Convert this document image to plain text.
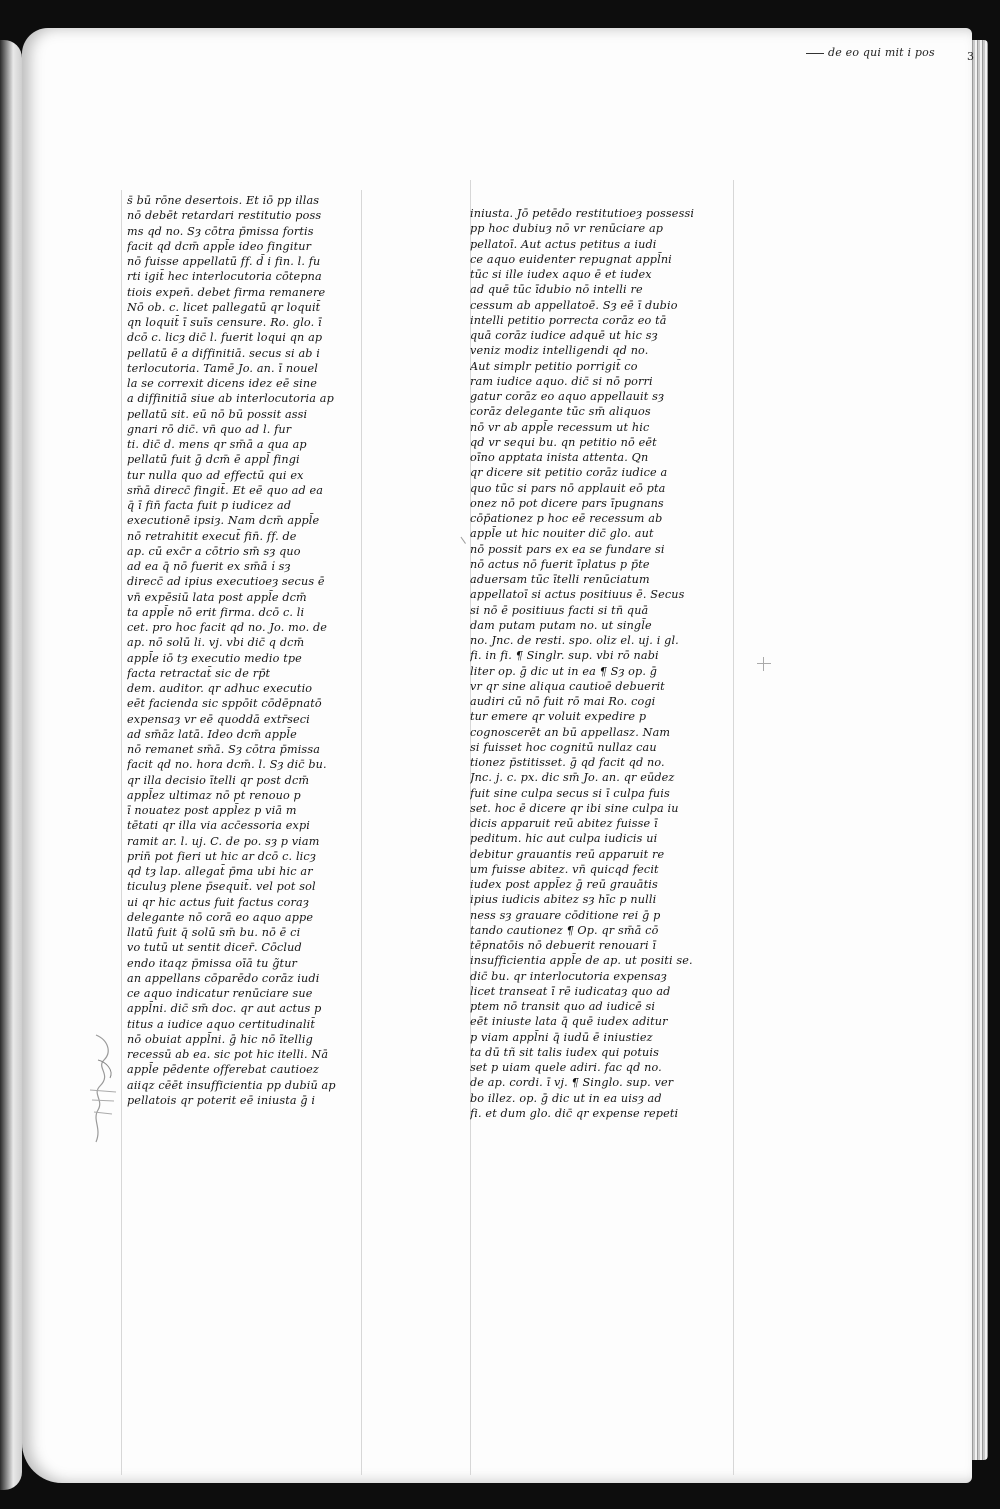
de eo qui mit i pos	3
s̄ bū rōne desertois. Et iō pp illas
nō debēt retardari restitutio poss
ms qd no. Sȝ cōtra p̄missa fortis
facit qd dcm̄ appl̄e ideo fingitur
nō fuisse appellatū ff. d̄ i fin. l. fu
rti igit̄ hec interlocutoria cōtepna
tiois expen̄. debet firma remanere
Nō ob. c. licet pallegatū qr loquit̄
qn loquit̄ ī suīs censure. Ro. glo. ī
dcō c. licȝ dic̄ l. fuerit loqui qn ap
pellatū ē a diffinitiā. secus si ab i
terlocutoria. Tamē Jo. an. ī nouel
la se correxit dicens idez eē sine
a diffinitiā siue ab interlocutoria ap
pellatū sit. eū nō bū possit assi
gnari rō dic̄. vn̄ quo ad l. fur
ti. dic̄ d. mens qr sm̄ā a qua ap
pellatū fuit ḡ dcm̄ ē appl̄ fingi
tur nulla quo ad effectū qui ex
sm̄ā direcc̄ fingit̄. Et eē quo ad ea
q̄ ī fin̄ facta fuit p iudicez ad
executionē ipsiȝ. Nam dcm̄ appl̄e
nō retrahitit execut̄ fin̄. ff. de
ap. cū exc̄r a cōtrio sm̄ sȝ quo
ad ea q̄ nō fuerit ex sm̄ā i̇ sȝ
direcc̄ ad ipius executioeȝ secus ē
vn̄ expēsiū lata post appl̄e dcm̄
ta appl̄e nō erit firma. dcō c. li
cet. pro hoc facit qd no. Jo. mo. de
ap. nō solū li. vj. vbi dic̄ q dcm̄
appl̄e iō tȝ executio medio tpe
facta retractat̄ sic de rp̄t
dem. auditor. qr adhuc executio
eēt facienda sic sppōit cōdēpnatō
expensaȝ vr eē quoddā extr̄seci
ad sm̄āz latā. Ideo dcm̄ appl̄e
nō remanet sm̄ā. Sȝ cōtra p̄missa
facit qd no. hora dcm̄. l. Sȝ dic̄ bu.
qr illa decisio ītelli qr post dcm̄
appl̄ez ultimaz nō pt renouo p
ī nouatez post appl̄ez p viā m
tētati qr illa via acc̄essoria expi
ramit ar. l. uj. C. de po. sȝ p viam
pri̇n̄ pot fieri ut hic ar dcō c. licȝ
qd tȝ lap. allegat̄ p̄ma ubi hic ar
ticuluȝ plene p̄sequit̄. vel pot sol
ui qr hic actus fuit factus coraȝ
delegante nō corā eo aquo appe
llatū fuit q̄ solū sm̄ bu. nō ē ci
vo tutū ut sentit dicer̄. Cōclud
endo itaqz p̄missa oīā tu g̃tur
an appellans cōparēdo corāz iudi
ce aquo indicatur renūciare sue
appl̄ni. dic̄ sm̄ doc. qr aut actus p
titus a iudice aquo certitudinalit̄
nō obuiat appl̄ni. ḡ hic nō ītellig
recessū ab ea. sic pot hic itelli. Nā
appl̄e pēdente offerebat cautioez
aiiqz cēēt insufficientia pp dubiū ap
pellatois qr poterit eē iniusta ḡ i
iniusta. Jō petēdo restitutioeȝ possessi
pp hoc dubiuȝ nō vr renūciare ap
pellatoī. Aut actus petitus a iudi
ce aquo euidenter repugnat appl̄ni
tūc si ille iudex aquo ē et iudex
ad quē tūc īdubio nō intelli re
cessum ab appellatoē. Sȝ eē ī dubio
intelli petitio porrecta corāz eo tā
quā corāz iudice adquē ut hic sȝ
veniz modiz intelligendi qd no.
Aut simplr petitio porrigit̄ co
ram iudice aquo. dic̄ si nō porri
gatur corāz eo aquo appellauit sȝ
corāz delegante tūc sm̄ aliquos
nō vr ab appl̄e recessum ut hic
qd vr sequi bu. qn petitio nō eēt
oīno apptata inista attenta. Qn
qr dicere sit petitio corāz iudice a
quo tūc si pars nō applauit eō pta
onez nō pot dicere pars īpugnans
cōp̄ationez p hoc eē recessum ab
appl̄e ut hic nouiter dic̄ glo. aut
nō possit pars ex ea se fundare si
nō actus nō fuerit īplatus p p̄te
aduersam tūc ītelli renūciatum
appellatoī si actus positiuus ē. Secus
si nō ē positiuus facti si tn̄ quā
dam putam putam no. ut singl̄e
no. Jnc. de resti. spo. oliz el. uj. i gl.
fi. in fi. ¶ Singlr. sup. vbi rō nabi
liter op. ḡ dic ut in ea ¶ Sȝ op. ḡ
vr qr sine aliqua cautioē debuerit
audiri cū nō fuit rō mai Ro. cogi
tur emere qr voluit expedire p
cognoscerēt an bū appellasz. Nam
si fuisset hoc cognitū nullaz cau
tionez p̄stitisset. ḡ qd facit qd no.
Jnc. j. c. px. dic sm̄ Jo. an. qr eūdez
fuit sine culpa secus si ī culpa fuis
set. hoc ē dicere qr ibi sine culpa iu
dicis apparuit reū abitez fuisse ī
peditum. hic aut culpa iudicis ui
debitur grauantis reū apparuit re
um fuisse abitez. vn̄ quicqd fecit
iudex post appl̄ez ḡ reū grauātis
ipius iudicis abitez sȝ hīc p nulli
ness sȝ grauare cōditione rei ḡ p
tando cautionez ¶ Op. qr sm̄ā cō
tēpnatōis nō debuerit renouari ī
insufficientia appl̄e de ap. ut positi se.
dic̄ bu. qr interlocutoria expensaȝ
licet transeat ī rē iudicataȝ quo ad
ptem nō transit quo ad iudicē si
eēt iniuste lata q̄ quē iudex aditur
p viam appl̄ni q̄ iudū ē iniustiez
ta dū tñ sit talis iudex qui potuis
set p uiam quele adiri. fac qd no.
de ap. cordi. ī vj. ¶ Singlo. sup. ver
bo illez. op. ḡ dic ut in ea uisȝ ad
fi. et dum glo. dic̄ qr expense repeti
